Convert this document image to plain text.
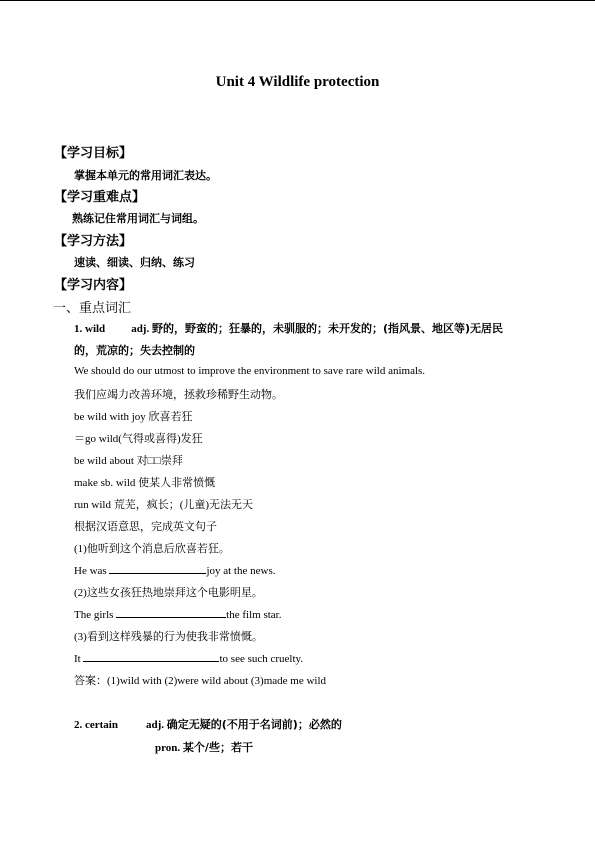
Unit 4 Wildlife protection
【学习目标】
掌握本单元的常用词汇表达。
【学习重难点】
熟练记住常用词汇与词组。
【学习方法】
速读、细读、归纳、练习
【学习内容】
一、重点词汇
1. wild adj. 野的，野蛮的；狂暴的，未驯服的；未开发的；(指风景、地区等)无居民
的，荒凉的；失去控制的
We should do our utmost to improve the environment to save rare wild animals.
我们应竭力改善环境，拯救珍稀野生动物。
be wild with joy 欣喜若狂
＝go wild(气得或喜得)发狂
be wild about 对□□崇拜
make sb. wild 使某人非常愤慨
run wild 荒芜，疯长；(儿童)无法无天
根据汉语意思，完成英文句子
(1)他听到这个消息后欣喜若狂。
He was	joy at the news.
(2)这些女孩狂热地崇拜这个电影明星。
The girls	the film star.
(3)看到这样残暴的行为使我非常愤慨。
It	to see such cruelty.
答案：(1)wild with (2)were wild about (3)made me wild
2. certain	adj. 确定无疑的(不用于名词前)；必然的
pron. 某个/些；若干
